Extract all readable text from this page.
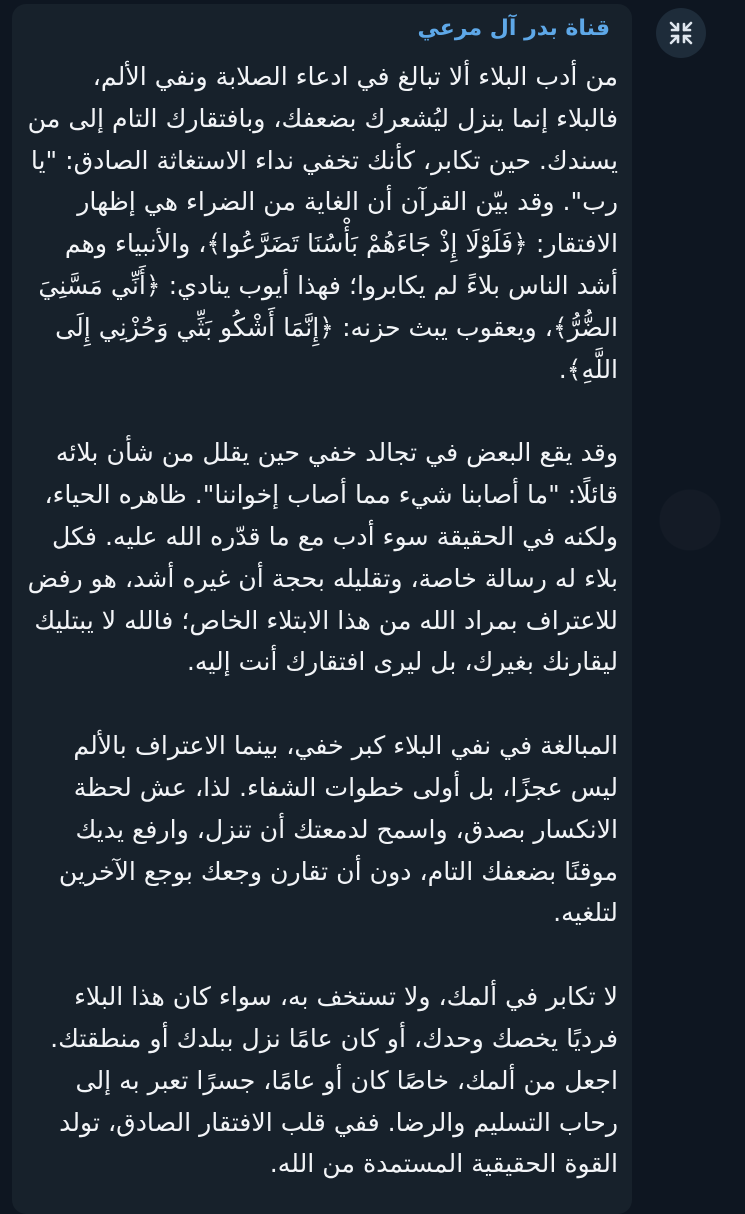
قناة بدر آل مرعي

من أدب البلاء ألا تبالغ في ادعاء الصلابة ونفي الألم، فالبلاء إنما ينزل ليُشعرك بضعفك، وبافتقارك التام إلى من يسندك. حين تكابر، كأنك تخفي نداء الاستغاثة الصادق: "يا رب". وقد بيّن القرآن أن الغاية من الضراء هي إظهار الافتقار: ﴿فَلَوْلَا إِذْ جَاءَهُمْ بَأْسُنَا تَضَرَّعُوا﴾، والأنبياء وهم أشد الناس بلاءً لم يكابروا؛ فهذا أيوب ينادي: ﴿أَنِّي مَسَّنِيَ الضُّرُّ﴾، ويعقوب يبث حزنه: ﴿إِنَّمَا أَشْكُو بَثِّي وَحُزْنِي إِلَى اللَّهِ﴾.

وقد يقع البعض في تجالد خفي حين يقلل من شأن بلائه قائلًا: "ما أصابنا شيء مما أصاب إخواننا". ظاهره الحياء، ولكنه في الحقيقة سوء أدب مع ما قدّره الله عليه. فكل بلاء له رسالة خاصة، وتقليله بحجة أن غيره أشد، هو رفض للاعتراف بمراد الله من هذا الابتلاء الخاص؛ فالله لا يبتليك ليقارنك بغيرك، بل ليرى افتقارك أنت إليه.

المبالغة في نفي البلاء كبر خفي، بينما الاعتراف بالألم ليس عجزًا، بل أولى خطوات الشفاء. لذا، عش لحظة الانكسار بصدق، واسمح لدمعتك أن تنزل، وارفع يديك موقنًا بضعفك التام، دون أن تقارن وجعك بوجع الآخرين لتلغيه.

لا تكابر في ألمك، ولا تستخف به، سواء كان هذا البلاء فرديًا يخصك وحدك، أو كان عامًا نزل ببلدك أو منطقتك. اجعل من ألمك، خاصًا كان أو عامًا، جسرًا تعبر به إلى رحاب التسليم والرضا. ففي قلب الافتقار الصادق، تولد القوة الحقيقية المستمدة من الله.
